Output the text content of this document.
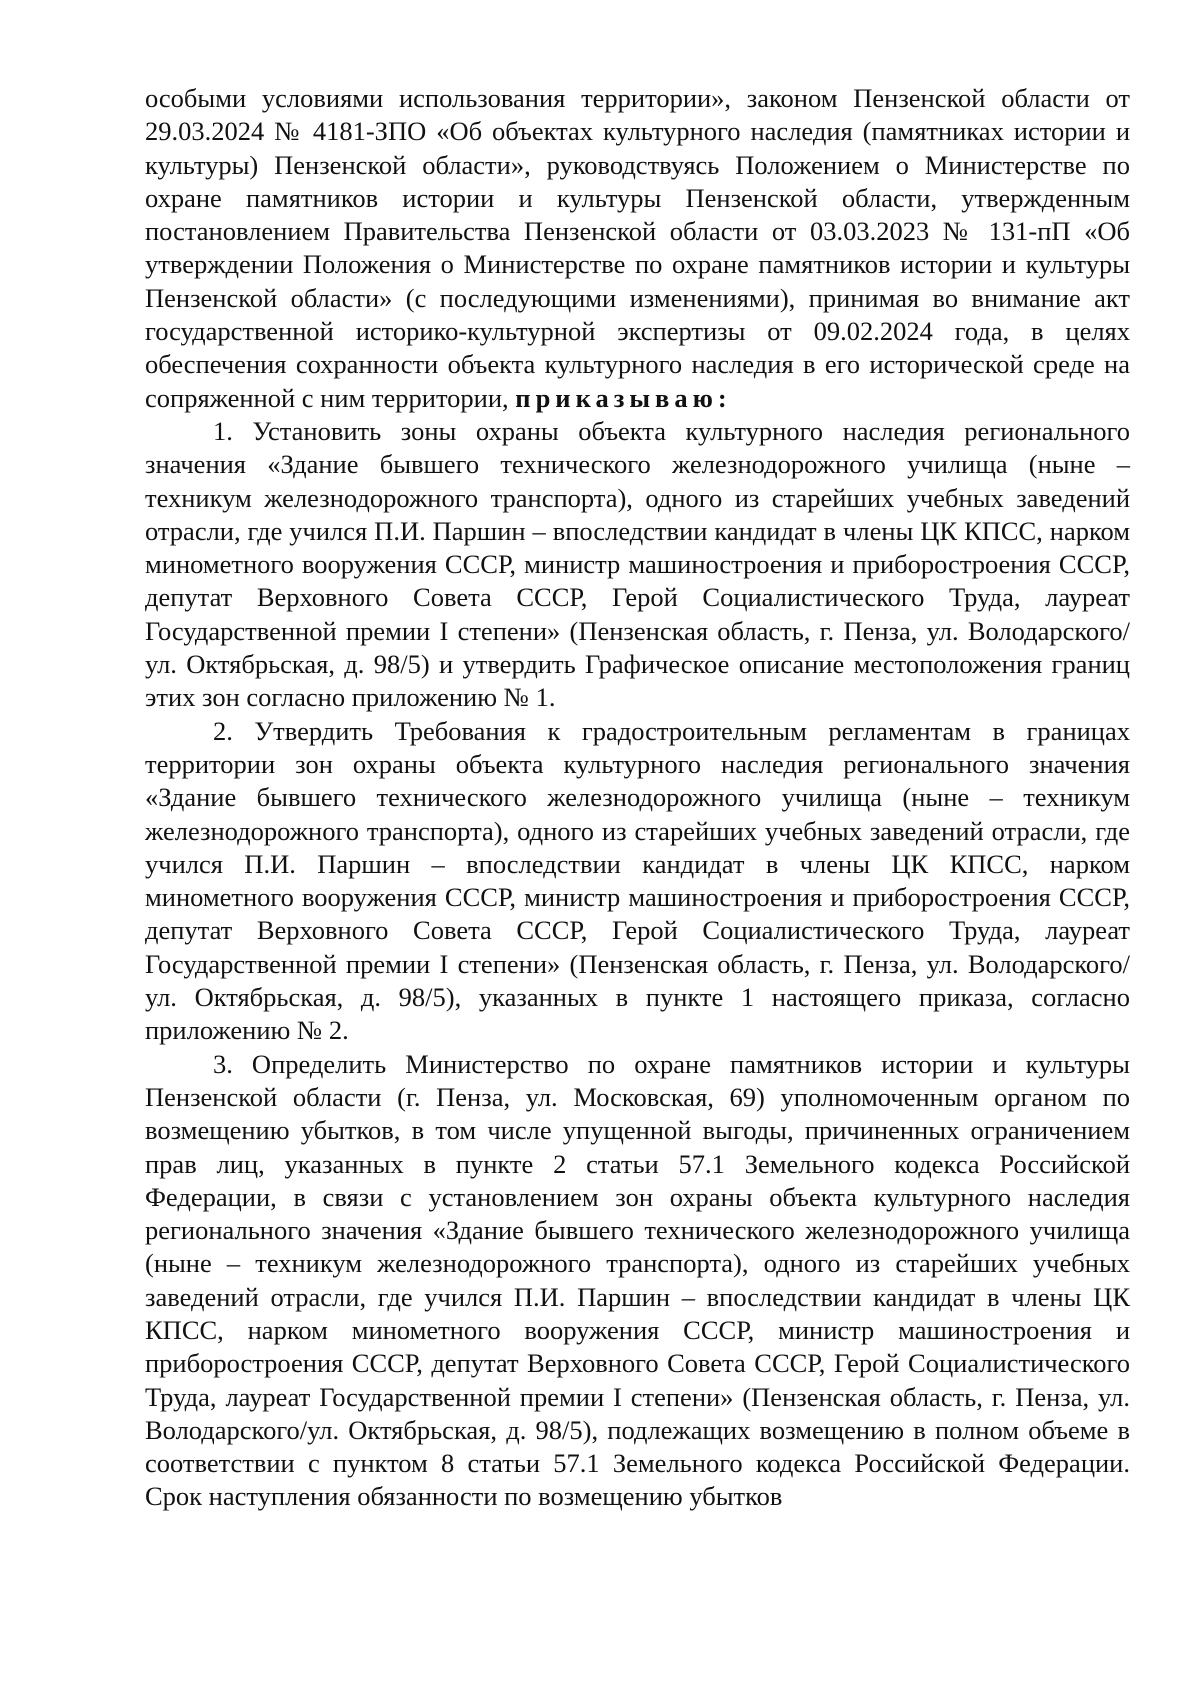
особыми условиями использования территории», законом Пензенской области от 29.03.2024 № 4181-ЗПО «Об объектах культурного наследия (памятниках истории и культуры) Пензенской области», руководствуясь Положением о Министерстве по охране памятников истории и культуры Пензенской области, утвержденным постановлением Правительства Пензенской области от 03.03.2023 № 131-пП «Об утверждении Положения о Министерстве по охране памятников истории и культуры Пензенской области» (с последующими изменениями), принимая во внимание акт государственной историко-культурной экспертизы от 09.02.2024 года, в целях обеспечения сохранности объекта культурного наследия в его исторической среде на сопряженной с ним территории, приказываю:

1. Установить зоны охраны объекта культурного наследия регионального значения «Здание бывшего технического железнодорожного училища (ныне – техникум железнодорожного транспорта), одного из старейших учебных заведений отрасли, где учился П.И. Паршин – впоследствии кандидат в члены ЦК КПСС, нарком минометного вооружения СССР, министр машиностроения и приборостроения СССР, депутат Верховного Совета СССР, Герой Социалистического Труда, лауреат Государственной премии I степени» (Пензенская область, г. Пенза, ул. Володарского/ул. Октябрьская, д. 98/5) и утвердить Графическое описание местоположения границ этих зон согласно приложению № 1.

2. Утвердить Требования к градостроительным регламентам в границах территории зон охраны объекта культурного наследия регионального значения «Здание бывшего технического железнодорожного училища (ныне – техникум железнодорожного транспорта), одного из старейших учебных заведений отрасли, где учился П.И. Паршин – впоследствии кандидат в члены ЦК КПСС, нарком минометного вооружения СССР, министр машиностроения и приборостроения СССР, депутат Верховного Совета СССР, Герой Социалистического Труда, лауреат Государственной премии I степени» (Пензенская область, г. Пенза, ул. Володарского/ул. Октябрьская, д. 98/5), указанных в пункте 1 настоящего приказа, согласно приложению № 2.

3. Определить Министерство по охране памятников истории и культуры Пензенской области (г. Пенза, ул. Московская, 69) уполномоченным органом по возмещению убытков, в том числе упущенной выгоды, причиненных ограничением прав лиц, указанных в пункте 2 статьи 57.1 Земельного кодекса Российской Федерации, в связи с установлением зон охраны объекта культурного наследия регионального значения «Здание бывшего технического железнодорожного училища (ныне – техникум железнодорожного транспорта), одного из старейших учебных заведений отрасли, где учился П.И. Паршин – впоследствии кандидат в члены ЦК КПСС, нарком минометного вооружения СССР, министр машиностроения и приборостроения СССР, депутат Верховного Совета СССР, Герой Социалистического Труда, лауреат Государственной премии I степени» (Пензенская область, г. Пенза, ул. Володарского/ул. Октябрьская, д. 98/5), подлежащих возмещению в полном объеме в соответствии с пунктом 8 статьи 57.1 Земельного кодекса Российской Федерации. Срок наступления обязанности по возмещению убытков
